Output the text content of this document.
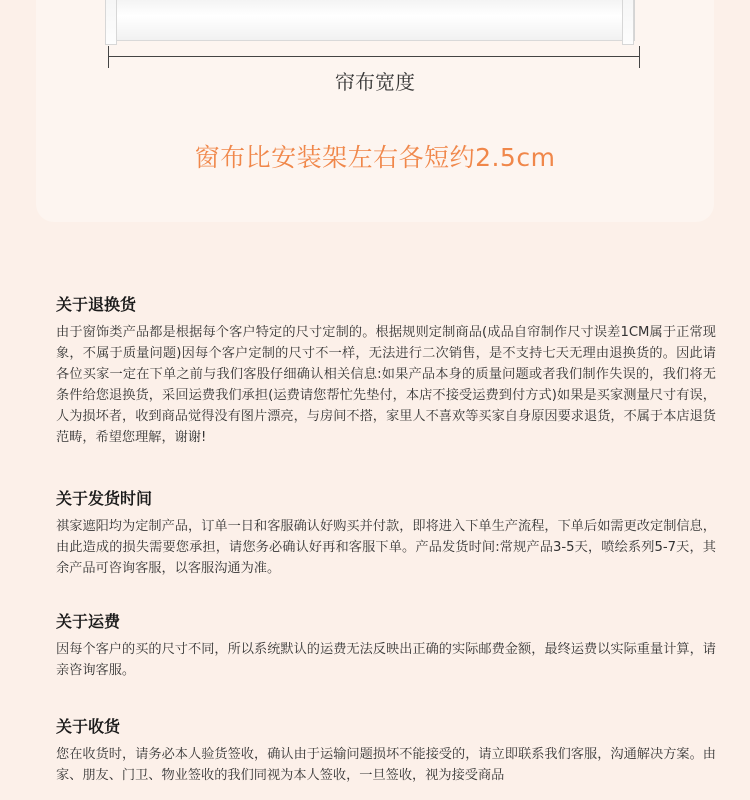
帘布宽度
窗布比安装架左右各短约2.5cm
关于退换货

由于窗饰类产品都是根据每个客户特定的尺寸定制的。根据规则定制商品(成品自帘制作尺寸误差1CM属于正常现象，不属于质量问题)因每个客户定制的尺寸不一样，无法进行二次销售，是不支持七天无理由退换货的。因此请各位买家一定在下单之前与我们客股仔细确认相关信息:如果产品本身的质量问题或者我们制作失误的，我们将无条件给您退换货，采回运费我们承担(运费请您帮忙先垫付，本店不接受运费到付方式)如果是买家测量尺寸有误，人为损坏者，收到商品觉得没有图片漂亮，与房间不搭，家里人不喜欢等买家自身原因要求退货，不属于本店退货范畴，希望您理解，谢谢!

关于发货时间

祺家遮阳均为定制产品，订单一日和客服确认好购买并付款，即将进入下单生产流程，下单后如需更改定制信息，由此造成的损失需要您承担，请您务必确认好再和客服下单。产品发货时间:常规产品3-5天，喷绘系列5-7天，其余产品可咨询客服，以客服沟通为准。

关于运费

因每个客户的买的尺寸不同，所以系统默认的运费无法反映出正确的实际邮费金额，最终运费以实际重量计算，请亲咨询客服。

关于收货

您在收货时，请务必本人验货签收，确认由于运输问题损坏不能接受的，请立即联系我们客服，沟通解决方案。由家、朋友、门卫、物业签收的我们同视为本人签收，一旦签收，视为接受商品
